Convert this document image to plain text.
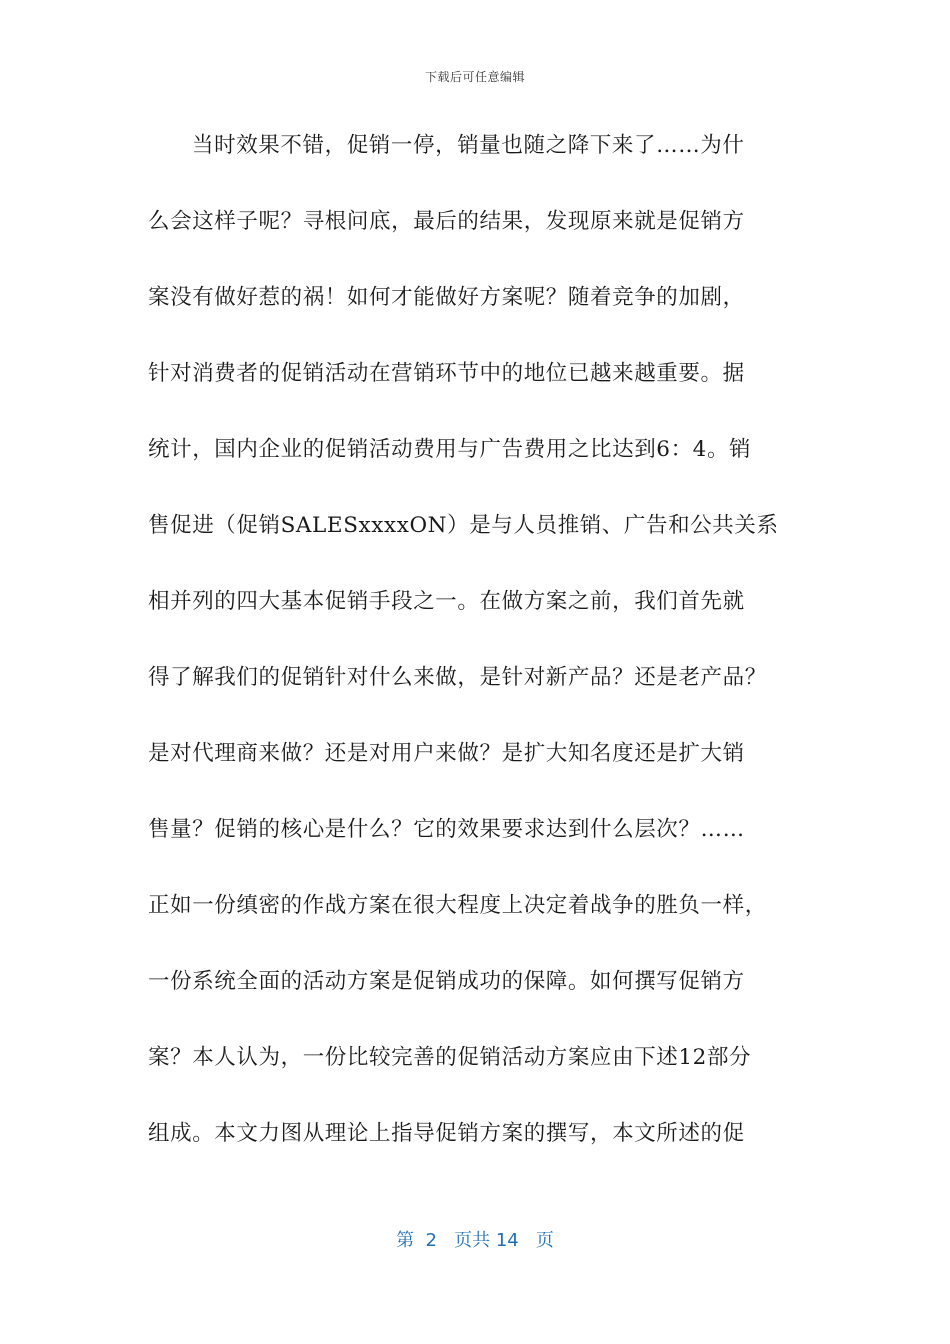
下载后可任意编辑
当时效果不错，促销一停，销量也随之降下来了……为什
么会这样子呢？寻根问底，最后的结果，发现原来就是促销方
案没有做好惹的祸！如何才能做好方案呢？随着竞争的加剧，
针对消费者的促销活动在营销环节中的地位已越来越重要。据
统计，国内企业的促销活动费用与广告费用之比达到6：4。销
售促进（促销SALESxxxxON）是与人员推销、广告和公共关系
相并列的四大基本促销手段之一。在做方案之前，我们首先就
得了解我们的促销针对什么来做，是针对新产品？还是老产品？
是对代理商来做？还是对用户来做？是扩大知名度还是扩大销
售量？促销的核心是什么？它的效果要求达到什么层次？……
正如一份缜密的作战方案在很大程度上决定着战争的胜负一样，
一份系统全面的活动方案是促销成功的保障。如何撰写促销方
案？本人认为，一份比较完善的促销活动方案应由下述12部分
组成。本文力图从理论上指导促销方案的撰写，本文所述的促
第  2   页共 14   页
